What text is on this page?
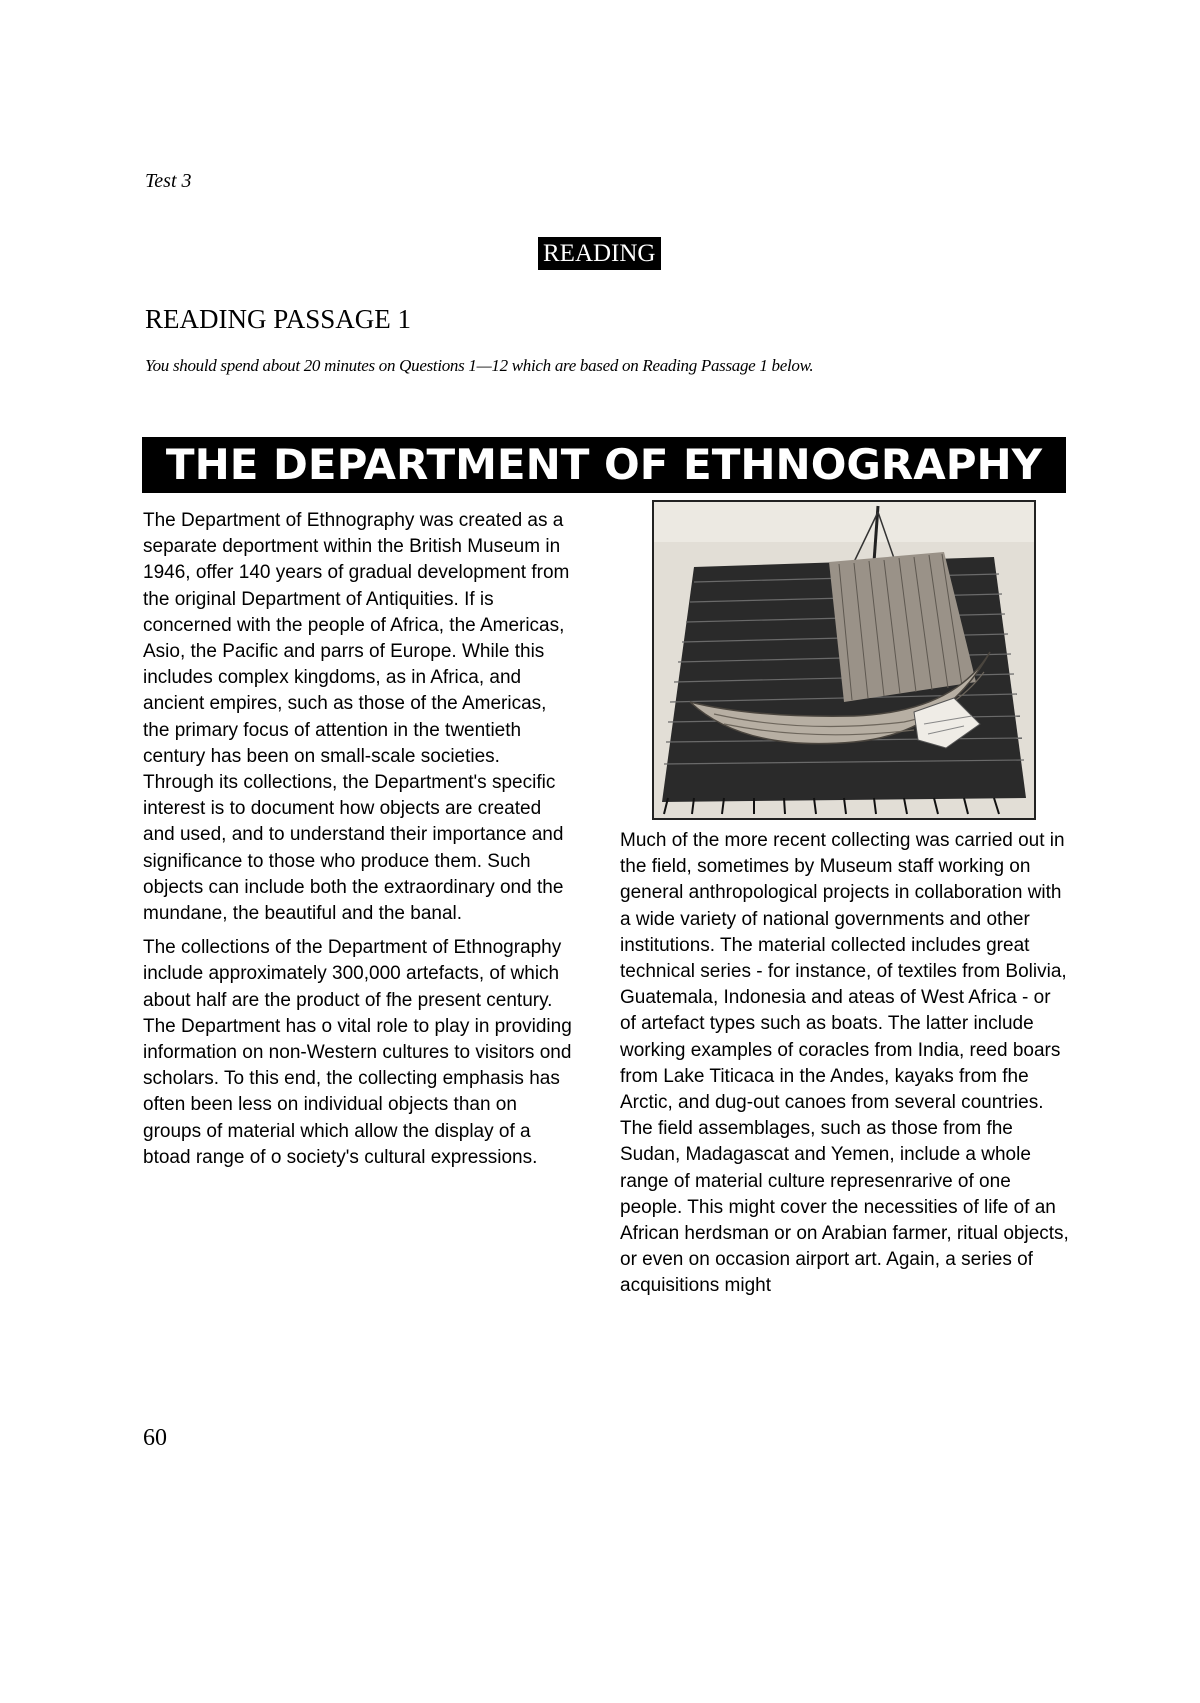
Test 3
READING
READING PASSAGE 1
You should spend about 20 minutes on Questions 1—12 which are based on Reading Passage 1 below.
THE DEPARTMENT OF ETHNOGRAPHY

The Department of Ethnography was created as a separate deportment within the British Museum in 1946, offer 140 years of gradual development from the original Department of Antiquities. If is concerned with the people of Africa, the Americas, Asio, the Pacific and parrs of Europe. While this includes complex kingdoms, as in Africa, and ancient empires, such as those of the Americas, the primary focus of attention in the twentieth century has been on small-scale societies. Through its collections, the Department's specific interest is to document how objects are created and used, and to understand their importance and significance to those who produce them. Such objects can include both the extraordinary ond the mundane, the beautiful and the banal.

The collections of the Department of Ethnography include approximately 300,000 artefacts, of which about half are the product of fhe present century. The Department has o vital role to play in providing information on non-Western cultures to visitors ond scholars. To this end, the collecting emphasis has often been less on individual objects than on groups of material which allow the display of a btoad range of o society's cultural expressions.

Much of the more recent collecting was carried out in the field, sometimes by Museum staff working on general anthropological projects in collaboration with a wide variety of national governments and other institutions. The material collected includes great technical series - for instance, of textiles from Bolivia, Guatemala, Indonesia and ateas of West Africa - or of artefact types such as boats. The latter include working examples of coracles from India, reed boars from Lake Titicaca in the Andes, kayaks from fhe Arctic, and dug-out canoes from several countries. The field assemblages, such as those from fhe Sudan, Madagascat and Yemen, include a whole range of material culture represenrarive of one people. This might cover the necessities of life of an African herdsman or on Arabian farmer, ritual objects, or even on occasion airport art. Again, a series of acquisitions might

60
